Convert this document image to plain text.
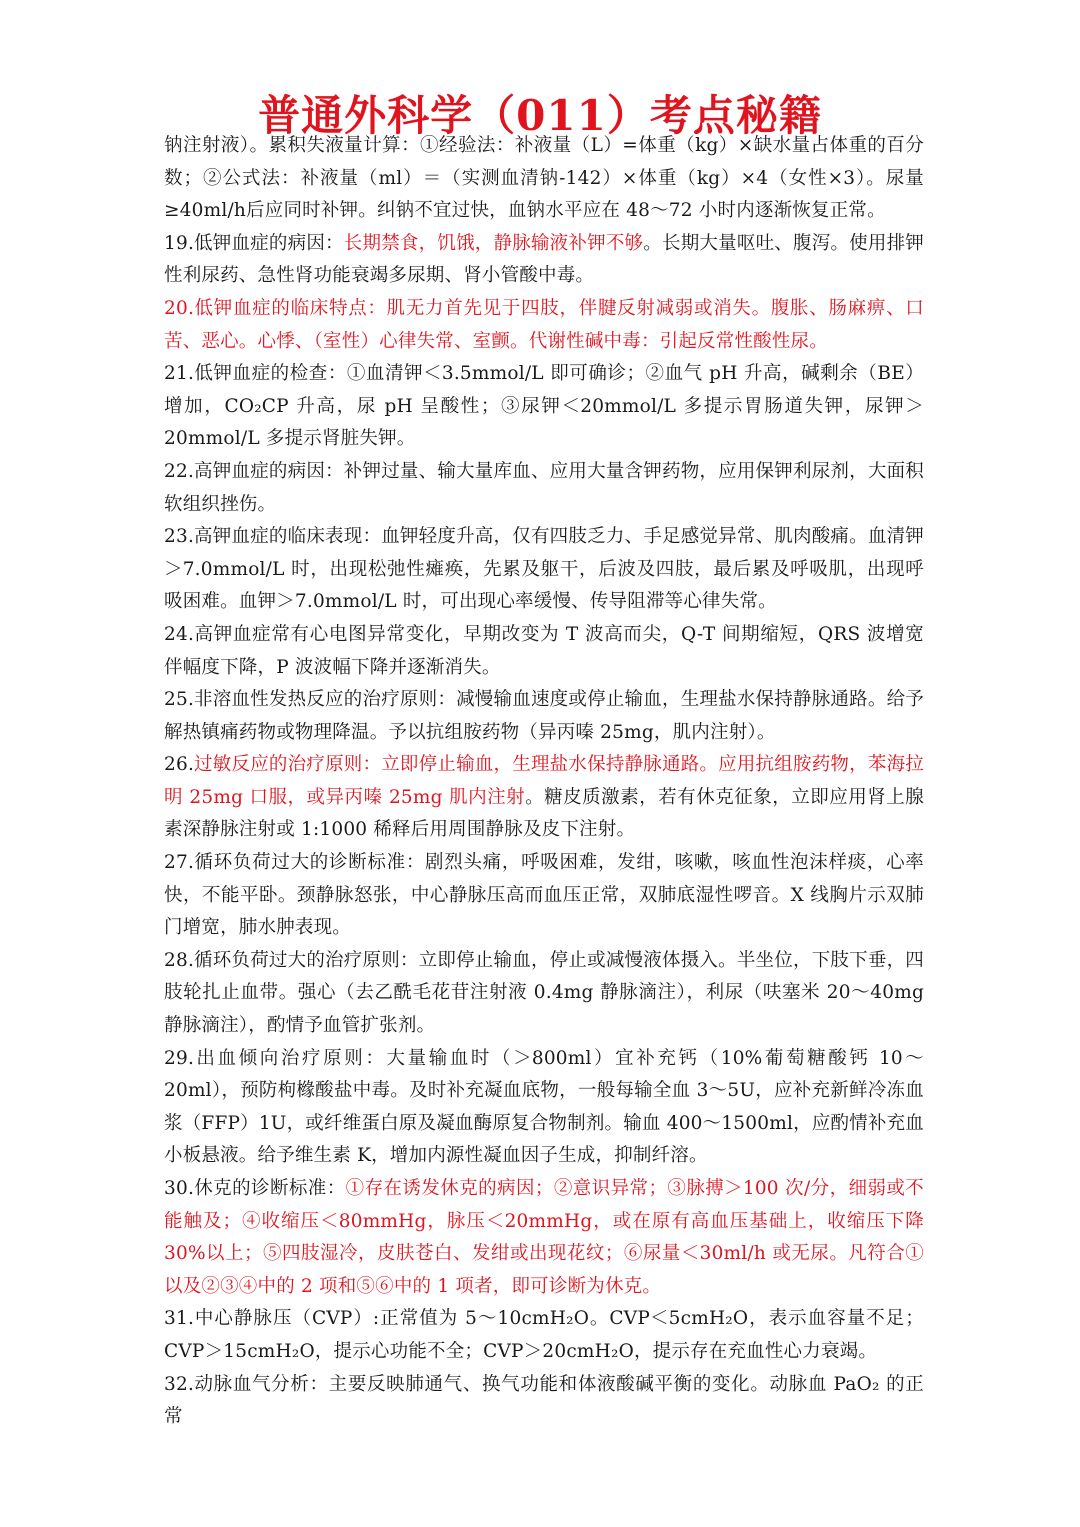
普通外科学（011）考点秘籍

钠注射液）。累积失液量计算：①经验法：补液量（L）=体重（kg）×缺水量占体重的百分数；②公式法：补液量（ml）＝（实测血清钠-142）×体重（kg）×4（女性×3）。尿量≥40ml/h后应同时补钾。纠钠不宜过快，血钠水平应在 48～72 小时内逐渐恢复正常。

19.低钾血症的病因：长期禁食，饥饿，静脉输液补钾不够。长期大量呕吐、腹泻。使用排钾性利尿药、急性肾功能衰竭多尿期、肾小管酸中毒。

20.低钾血症的临床特点：肌无力首先见于四肢，伴腱反射减弱或消失。腹胀、肠麻痹、口苦、恶心。心悸、（室性）心律失常、室颤。代谢性碱中毒：引起反常性酸性尿。

21.低钾血症的检查：①血清钾＜3.5mmol/L 即可确诊；②血气 pH 升高，碱剩余（BE）增加，CO₂CP 升高，尿 pH 呈酸性；③尿钾＜20mmol/L 多提示胃肠道失钾，尿钾＞20mmol/L 多提示肾脏失钾。

22.高钾血症的病因：补钾过量、输大量库血、应用大量含钾药物，应用保钾利尿剂，大面积软组织挫伤。

23.高钾血症的临床表现：血钾轻度升高，仅有四肢乏力、手足感觉异常、肌肉酸痛。血清钾＞7.0mmol/L 时，出现松弛性瘫痪，先累及躯干，后波及四肢，最后累及呼吸肌，出现呼吸困难。血钾＞7.0mmol/L 时，可出现心率缓慢、传导阻滞等心律失常。

24.高钾血症常有心电图异常变化，早期改变为 T 波高而尖，Q-T 间期缩短，QRS 波增宽伴幅度下降，P 波波幅下降并逐渐消失。

25.非溶血性发热反应的治疗原则：减慢输血速度或停止输血，生理盐水保持静脉通路。给予解热镇痛药物或物理降温。予以抗组胺药物（异丙嗪 25mg，肌内注射）。

26.过敏反应的治疗原则：立即停止输血，生理盐水保持静脉通路。应用抗组胺药物，苯海拉明 25mg 口服，或异丙嗪 25mg 肌内注射。糖皮质激素，若有休克征象，立即应用肾上腺素深静脉注射或 1:1000 稀释后用周围静脉及皮下注射。

27.循环负荷过大的诊断标准：剧烈头痛，呼吸困难，发绀，咳嗽，咳血性泡沫样痰，心率快，不能平卧。颈静脉怒张，中心静脉压高而血压正常，双肺底湿性啰音。X 线胸片示双肺门增宽，肺水肿表现。

28.循环负荷过大的治疗原则：立即停止输血，停止或减慢液体摄入。半坐位，下肢下垂，四肢轮扎止血带。强心（去乙酰毛花苷注射液 0.4mg 静脉滴注），利尿（呋塞米 20～40mg静脉滴注），酌情予血管扩张剂。

29.出血倾向治疗原则：大量输血时（＞800ml）宜补充钙（10%葡萄糖酸钙 10～20ml），预防枸橼酸盐中毒。及时补充凝血底物，一般每输全血 3～5U，应补充新鲜冷冻血浆（FFP）1U，或纤维蛋白原及凝血酶原复合物制剂。输血 400～1500ml，应酌情补充血小板悬液。给予维生素 K，增加内源性凝血因子生成，抑制纤溶。

30.休克的诊断标准：①存在诱发休克的病因；②意识异常；③脉搏＞100 次/分，细弱或不能触及；④收缩压＜80mmHg，脉压＜20mmHg，或在原有高血压基础上，收缩压下降 30%以上；⑤四肢湿冷，皮肤苍白、发绀或出现花纹；⑥尿量＜30ml/h 或无尿。凡符合①以及②③④中的 2 项和⑤⑥中的 1 项者，即可诊断为休克。

31.中心静脉压（CVP）:正常值为 5～10cmH₂O。CVP＜5cmH₂O，表示血容量不足；CVP＞15cmH₂O，提示心功能不全；CVP＞20cmH₂O，提示存在充血性心力衰竭。

32.动脉血气分析：主要反映肺通气、换气功能和体液酸碱平衡的变化。动脉血 PaO₂ 的正常
